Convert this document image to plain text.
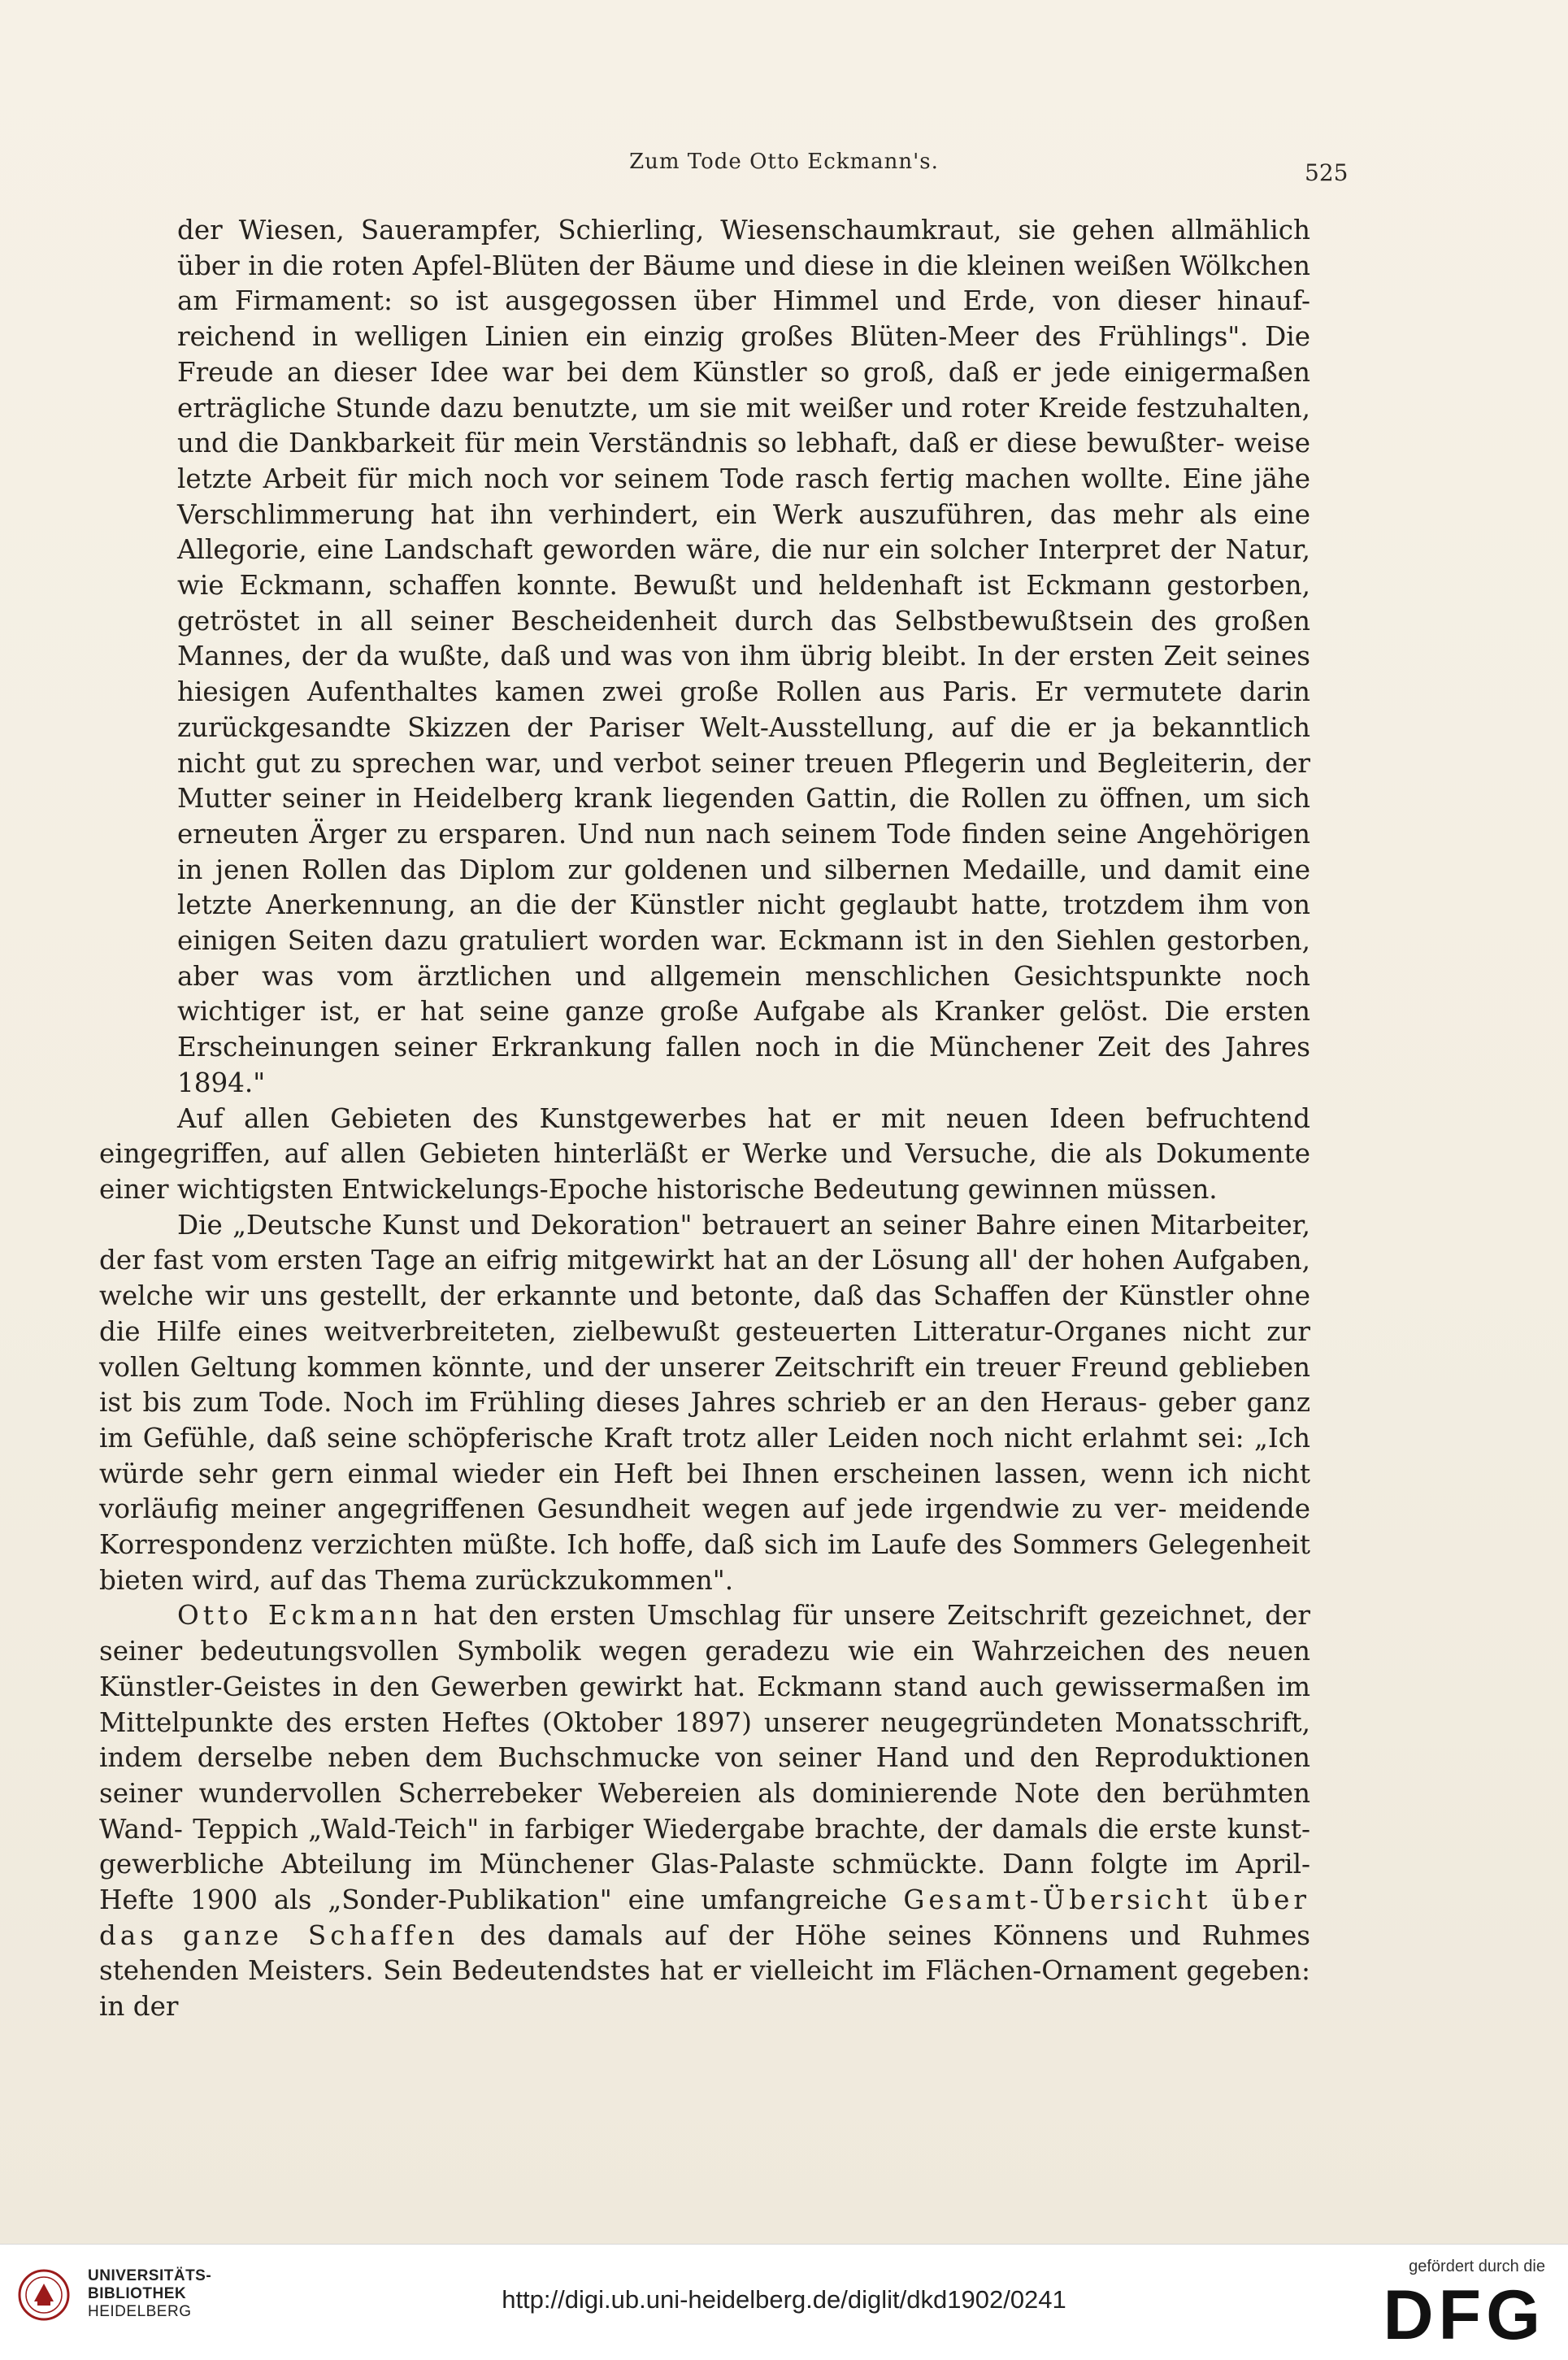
Zum Tode Otto Eckmann's.	525

der Wiesen, Sauerampfer, Schierling, Wiesenschaumkraut, sie gehen allmählich über in die roten Apfel-Blüten der Bäume und diese in die kleinen weißen Wölkchen am Firmament: so ist ausgegossen über Himmel und Erde, von dieser hinauf- reichend in welligen Linien ein einzig großes Blüten-Meer des Frühlings". Die Freude an dieser Idee war bei dem Künstler so groß, daß er jede einigermaßen erträgliche Stunde dazu benutzte, um sie mit weißer und roter Kreide festzuhalten, und die Dankbarkeit für mein Verständnis so lebhaft, daß er diese bewußter- weise letzte Arbeit für mich noch vor seinem Tode rasch fertig machen wollte. Eine jähe Verschlimmerung hat ihn verhindert, ein Werk auszuführen, das mehr als eine Allegorie, eine Landschaft geworden wäre, die nur ein solcher Interpret der Natur, wie Eckmann, schaffen konnte. Bewußt und heldenhaft ist Eckmann gestorben, getröstet in all seiner Bescheidenheit durch das Selbstbewußtsein des großen Mannes, der da wußte, daß und was von ihm übrig bleibt. In der ersten Zeit seines hiesigen Aufenthaltes kamen zwei große Rollen aus Paris. Er vermutete darin zurückgesandte Skizzen der Pariser Welt-Ausstellung, auf die er ja bekanntlich nicht gut zu sprechen war, und verbot seiner treuen Pflegerin und Begleiterin, der Mutter seiner in Heidelberg krank liegenden Gattin, die Rollen zu öffnen, um sich erneuten Ärger zu ersparen. Und nun nach seinem Tode finden seine Angehörigen in jenen Rollen das Diplom zur goldenen und silbernen Medaille, und damit eine letzte Anerkennung, an die der Künstler nicht geglaubt hatte, trotzdem ihm von einigen Seiten dazu gratuliert worden war. Eckmann ist in den Siehlen gestorben, aber was vom ärztlichen und allgemein menschlichen Gesichtspunkte noch wichtiger ist, er hat seine ganze große Aufgabe als Kranker gelöst. Die ersten Erscheinungen seiner Erkrankung fallen noch in die Münchener Zeit des Jahres 1894."

Auf allen Gebieten des Kunstgewerbes hat er mit neuen Ideen befruchtend eingegriffen, auf allen Gebieten hinterläßt er Werke und Versuche, die als Dokumente einer wichtigsten Entwickelungs-Epoche historische Bedeutung gewinnen müssen.

Die „Deutsche Kunst und Dekoration" betrauert an seiner Bahre einen Mitarbeiter, der fast vom ersten Tage an eifrig mitgewirkt hat an der Lösung all' der hohen Aufgaben, welche wir uns gestellt, der erkannte und betonte, daß das Schaffen der Künstler ohne die Hilfe eines weitverbreiteten, zielbewußt gesteuerten Litteratur-Organes nicht zur vollen Geltung kommen könnte, und der unserer Zeitschrift ein treuer Freund geblieben ist bis zum Tode. Noch im Frühling dieses Jahres schrieb er an den Heraus- geber ganz im Gefühle, daß seine schöpferische Kraft trotz aller Leiden noch nicht erlahmt sei: „Ich würde sehr gern einmal wieder ein Heft bei Ihnen erscheinen lassen, wenn ich nicht vorläufig meiner angegriffenen Gesundheit wegen auf jede irgendwie zu ver- meidende Korrespondenz verzichten müßte. Ich hoffe, daß sich im Laufe des Sommers Gelegenheit bieten wird, auf das Thema zurückzukommen".

Otto Eckmann hat den ersten Umschlag für unsere Zeitschrift gezeichnet, der seiner bedeutungsvollen Symbolik wegen geradezu wie ein Wahrzeichen des neuen Künstler-Geistes in den Gewerben gewirkt hat. Eckmann stand auch gewissermaßen im Mittelpunkte des ersten Heftes (Oktober 1897) unserer neugegründeten Monatsschrift, indem derselbe neben dem Buchschmucke von seiner Hand und den Reproduktionen seiner wundervollen Scherrebeker Webereien als dominierende Note den berühmten Wand- Teppich „Wald-Teich" in farbiger Wiedergabe brachte, der damals die erste kunst- gewerbliche Abteilung im Münchener Glas-Palaste schmückte. Dann folgte im April- Hefte 1900 als „Sonder-Publikation" eine umfangreiche Gesamt-Übersicht über das ganze Schaffen des damals auf der Höhe seines Könnens und Ruhmes stehenden Meisters. Sein Bedeutendstes hat er vielleicht im Flächen-Ornament gegeben: in der

UNIVERSITÄTS-
BIBLIOTHEK
HEIDELBERG	http://digi.ub.uni-heidelberg.de/diglit/dkd1902/0241
gefördert durch die
DFG
